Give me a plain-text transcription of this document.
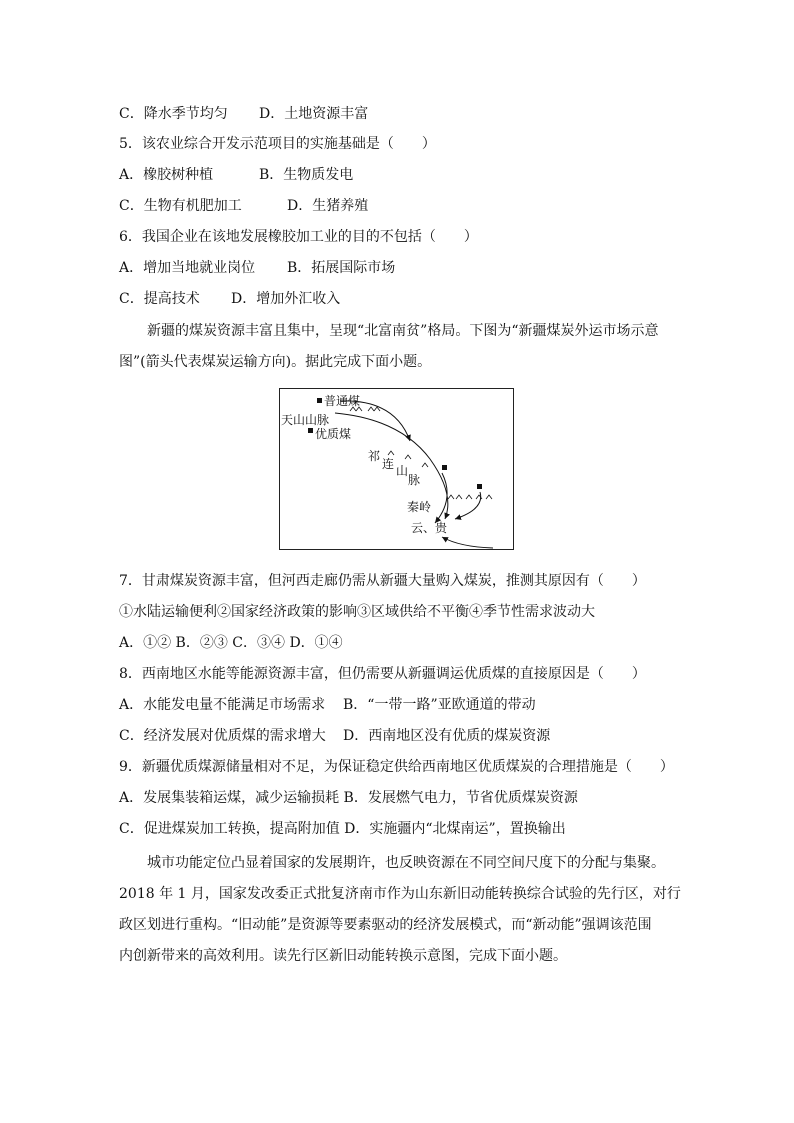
C．降水季节均匀 D．土地资源丰富
5．该农业综合开发示范项目的实施基础是（　　）
A．橡胶树种植	B．生物质发电
C．生物有机肥加工	D．生猪养殖
6．我国企业在该地发展橡胶加工业的目的不包括（　　）
A．增加当地就业岗位 B．拓展国际市场
C．提高技术 D．增加外汇收入
新疆的煤炭资源丰富且集中，呈现“北富南贫”格局。下图为“新疆煤炭外运市场示意
图”(箭头代表煤炭运输方向)。据此完成下面小题。
普通煤
天山山脉
优质煤
祁
连 山
脉
秦岭
云、贵
7．甘肃煤炭资源丰富，但河西走廊仍需从新疆大量购入煤炭，推测其原因有（　　）
①水陆运输便利②国家经济政策的影响③区域供给不平衡④季节性需求波动大
A．①② B．②③ C．③④ D．①④
8．西南地区水能等能源资源丰富，但仍需要从新疆调运优质煤的直接原因是（　　）
A．水能发电量不能满足市场需求 B．“一带一路”亚欧通道的带动
C．经济发展对优质煤的需求增大 D．西南地区没有优质的煤炭资源
9．新疆优质煤源储量相对不足，为保证稳定供给西南地区优质煤炭的合理措施是（　　）
A．发展集装箱运煤，减少运输损耗 B．发展燃气电力，节省优质煤炭资源
C．促进煤炭加工转换，提高附加值 D．实施疆内“北煤南运”，置换输出
城市功能定位凸显着国家的发展期许，也反映资源在不同空间尺度下的分配与集聚。
2018 年 1 月，国家发改委正式批复济南市作为山东新旧动能转换综合试验的先行区，对行
政区划进行重构。“旧动能”是资源等要素驱动的经济发展模式，而“新动能”强调该范围
内创新带来的高效利用。读先行区新旧动能转换示意图，完成下面小题。
